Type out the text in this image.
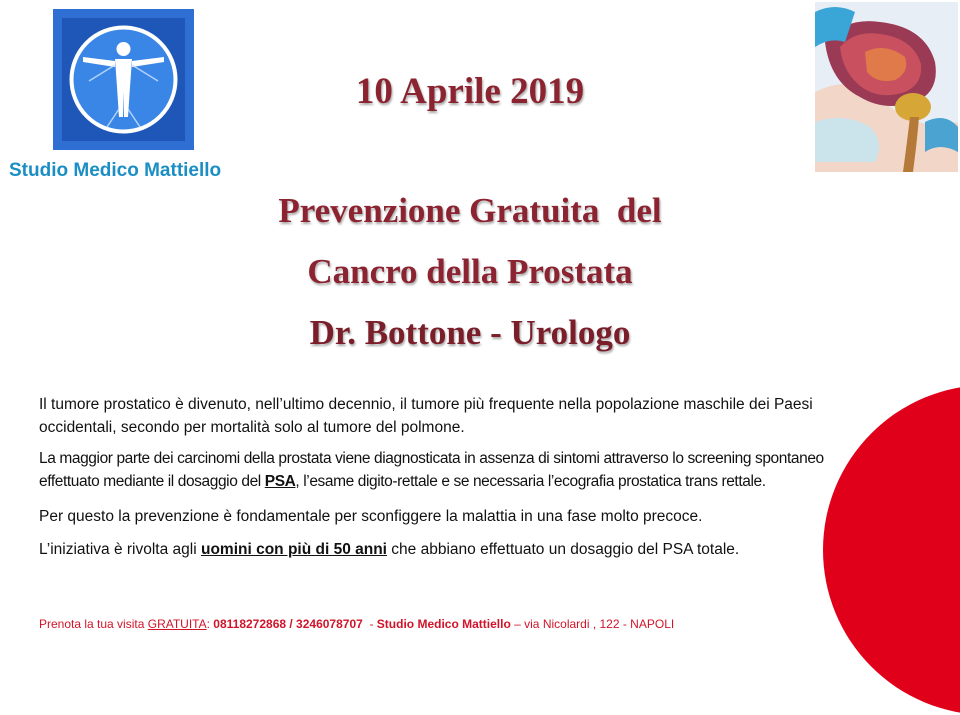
Studio Medico Mattiello
10 Aprile 2019
Prevenzione Gratuita  del
Cancro della Prostata
Dr. Bottone - Urologo

Il tumore prostatico è divenuto, nell’ultimo decennio, il tumore più frequente nella popolazione maschile dei Paesi occidentali, secondo per mortalità solo al tumore del polmone.

La maggior parte dei carcinomi della prostata viene diagnosticata in assenza di sintomi attraverso lo screening spontaneo effettuato mediante il dosaggio del PSA, l’esame digito-rettale e se necessaria l’ecografia prostatica trans rettale.

Per questo la prevenzione è fondamentale per sconfiggere la malattia in una fase molto precoce.

L’iniziativa è rivolta agli uomini con più di 50 anni che abbiano effettuato un dosaggio del PSA totale.

Prenota la tua visita GRATUITA: 08118272868 / 3246078707  - Studio Medico Mattiello – via Nicolardi , 122 - NAPOLI
